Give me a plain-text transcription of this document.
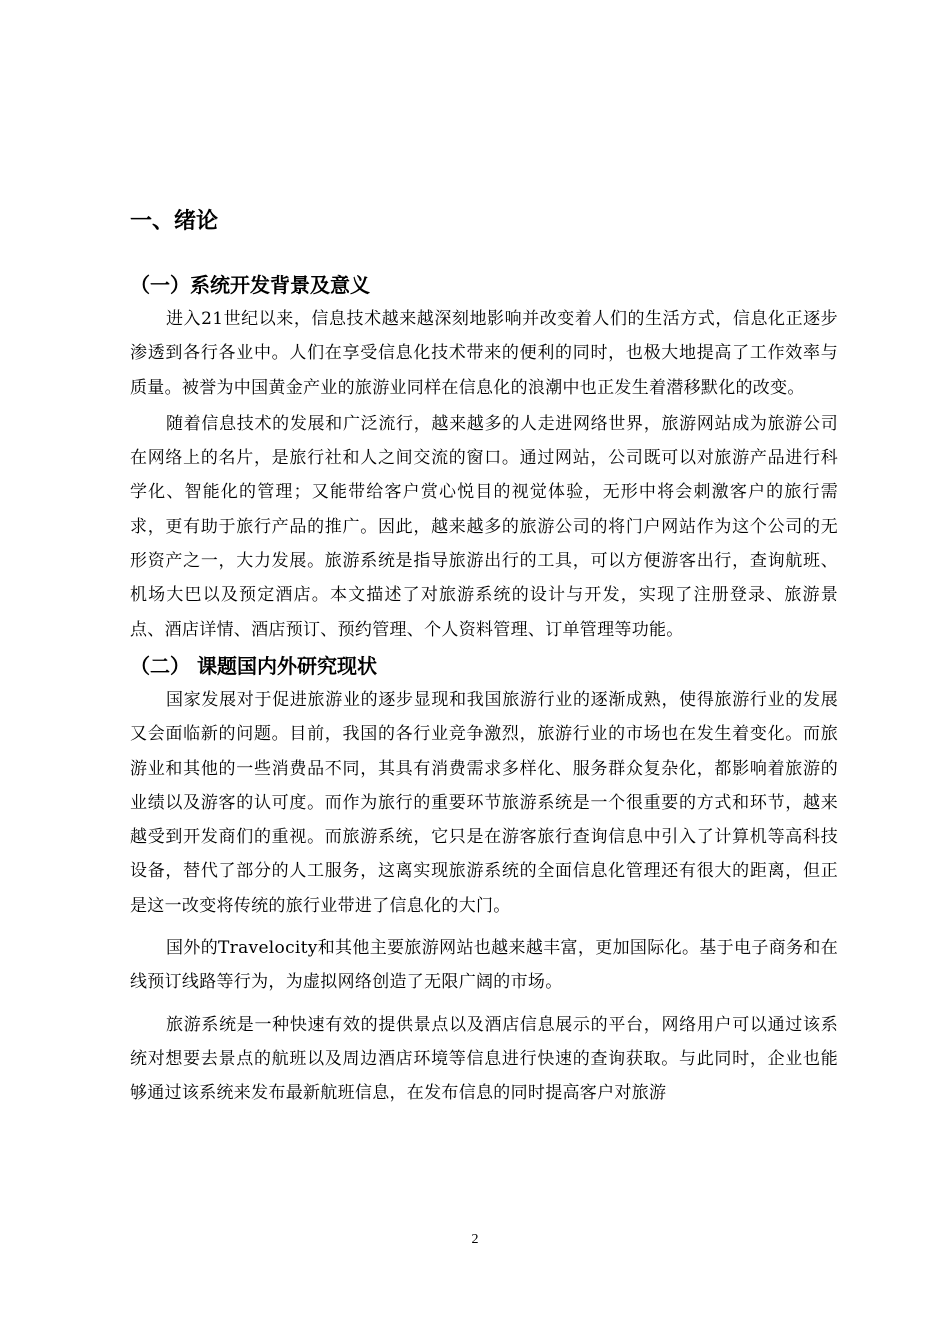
一、绪论
（一）系统开发背景及意义

进入21世纪以来，信息技术越来越深刻地影响并改变着人们的生活方式，信息化正逐步渗透到各行各业中。人们在享受信息化技术带来的便利的同时，也极大地提高了工作效率与质量。被誉为中国黄金产业的旅游业同样在信息化的浪潮中也正发生着潜移默化的改变。

随着信息技术的发展和广泛流行，越来越多的人走进网络世界，旅游网站成为旅游公司在网络上的名片，是旅行社和人之间交流的窗口。通过网站，公司既可以对旅游产品进行科学化、智能化的管理；又能带给客户赏心悦目的视觉体验，无形中将会刺激客户的旅行需求，更有助于旅行产品的推广。因此，越来越多的旅游公司的将门户网站作为这个公司的无形资产之一，大力发展。旅游系统是指导旅游出行的工具，可以方便游客出行，查询航班、机场大巴以及预定酒店。本文描述了对旅游系统的设计与开发，实现了注册登录、旅游景点、酒店详情、酒店预订、预约管理、个人资料管理、订单管理等功能。

（二） 课题国内外研究现状

国家发展对于促进旅游业的逐步显现和我国旅游行业的逐渐成熟，使得旅游行业的发展又会面临新的问题。目前，我国的各行业竞争激烈，旅游行业的市场也在发生着变化。而旅游业和其他的一些消费品不同，其具有消费需求多样化、服务群众复杂化，都影响着旅游的业绩以及游客的认可度。而作为旅行的重要环节旅游系统是一个很重要的方式和环节，越来越受到开发商们的重视。而旅游系统，它只是在游客旅行查询信息中引入了计算机等高科技设备，替代了部分的人工服务，这离实现旅游系统的全面信息化管理还有很大的距离，但正是这一改变将传统的旅行业带进了信息化的大门。

国外的Travelocity和其他主要旅游网站也越来越丰富，更加国际化。基于电子商务和在线预订线路等行为，为虚拟网络创造了无限广阔的市场。

旅游系统是一种快速有效的提供景点以及酒店信息展示的平台，网络用户可以通过该系统对想要去景点的航班以及周边酒店环境等信息进行快速的查询获取。与此同时，企业也能够通过该系统来发布最新航班信息，在发布信息的同时提高客户对旅游

2
